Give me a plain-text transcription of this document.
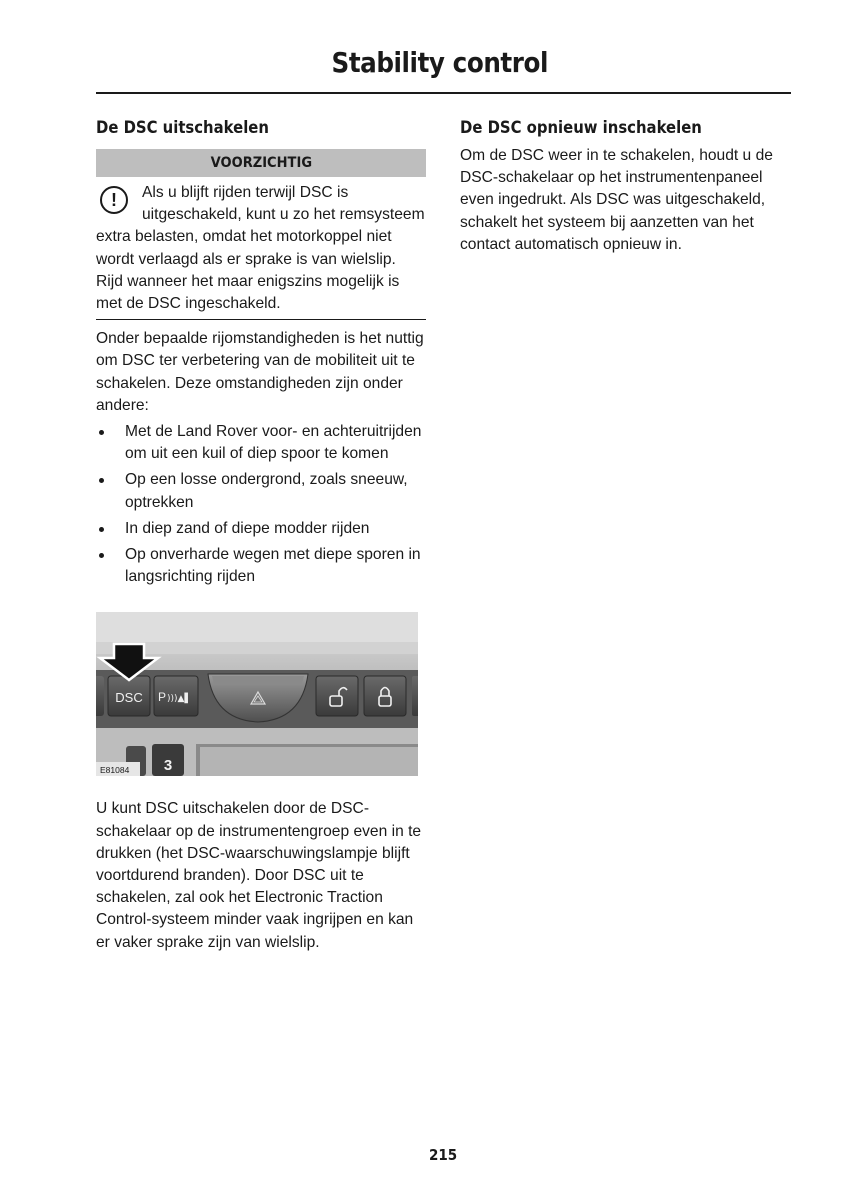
Stability control
De DSC uitschakelen
VOORZICHTIG
!	Als u blijft rijden terwijl DSC is uitgeschakeld, kunt u zo het remsysteem extra belasten, omdat het motorkoppel niet wordt verlaagd als er sprake is van wielslip. Rijd wanneer het maar enigszins mogelijk is met de DSC ingeschakeld.

Onder bepaalde rijomstandigheden is het nuttig om DSC ter verbetering van de mobiliteit uit te schakelen. Deze omstandigheden zijn onder andere:

Met de Land Rover voor- en achteruitrijden om uit een kuil of diep spoor te komen
Op een losse ondergrond, zoals sneeuw, optrekken
In diep zand of diepe modder rijden
Op onverharde wegen met diepe sporen in langsrichting rijden
DSC P )))▲▌
3
E81084

U kunt DSC uitschakelen door de DSC-schakelaar op de instrumentengroep even in te drukken (het DSC-waarschuwingslampje blijft voortdurend branden). Door DSC uit te schakelen, zal ook het Electronic Traction Control-systeem minder vaak ingrijpen en kan er vaker sprake zijn van wielslip.

De DSC opnieuw inschakelen

Om de DSC weer in te schakelen, houdt u de DSC-schakelaar op het instrumentenpaneel even ingedrukt. Als DSC was uitgeschakeld, schakelt het systeem bij aanzetten van het contact automatisch opnieuw in.

215
